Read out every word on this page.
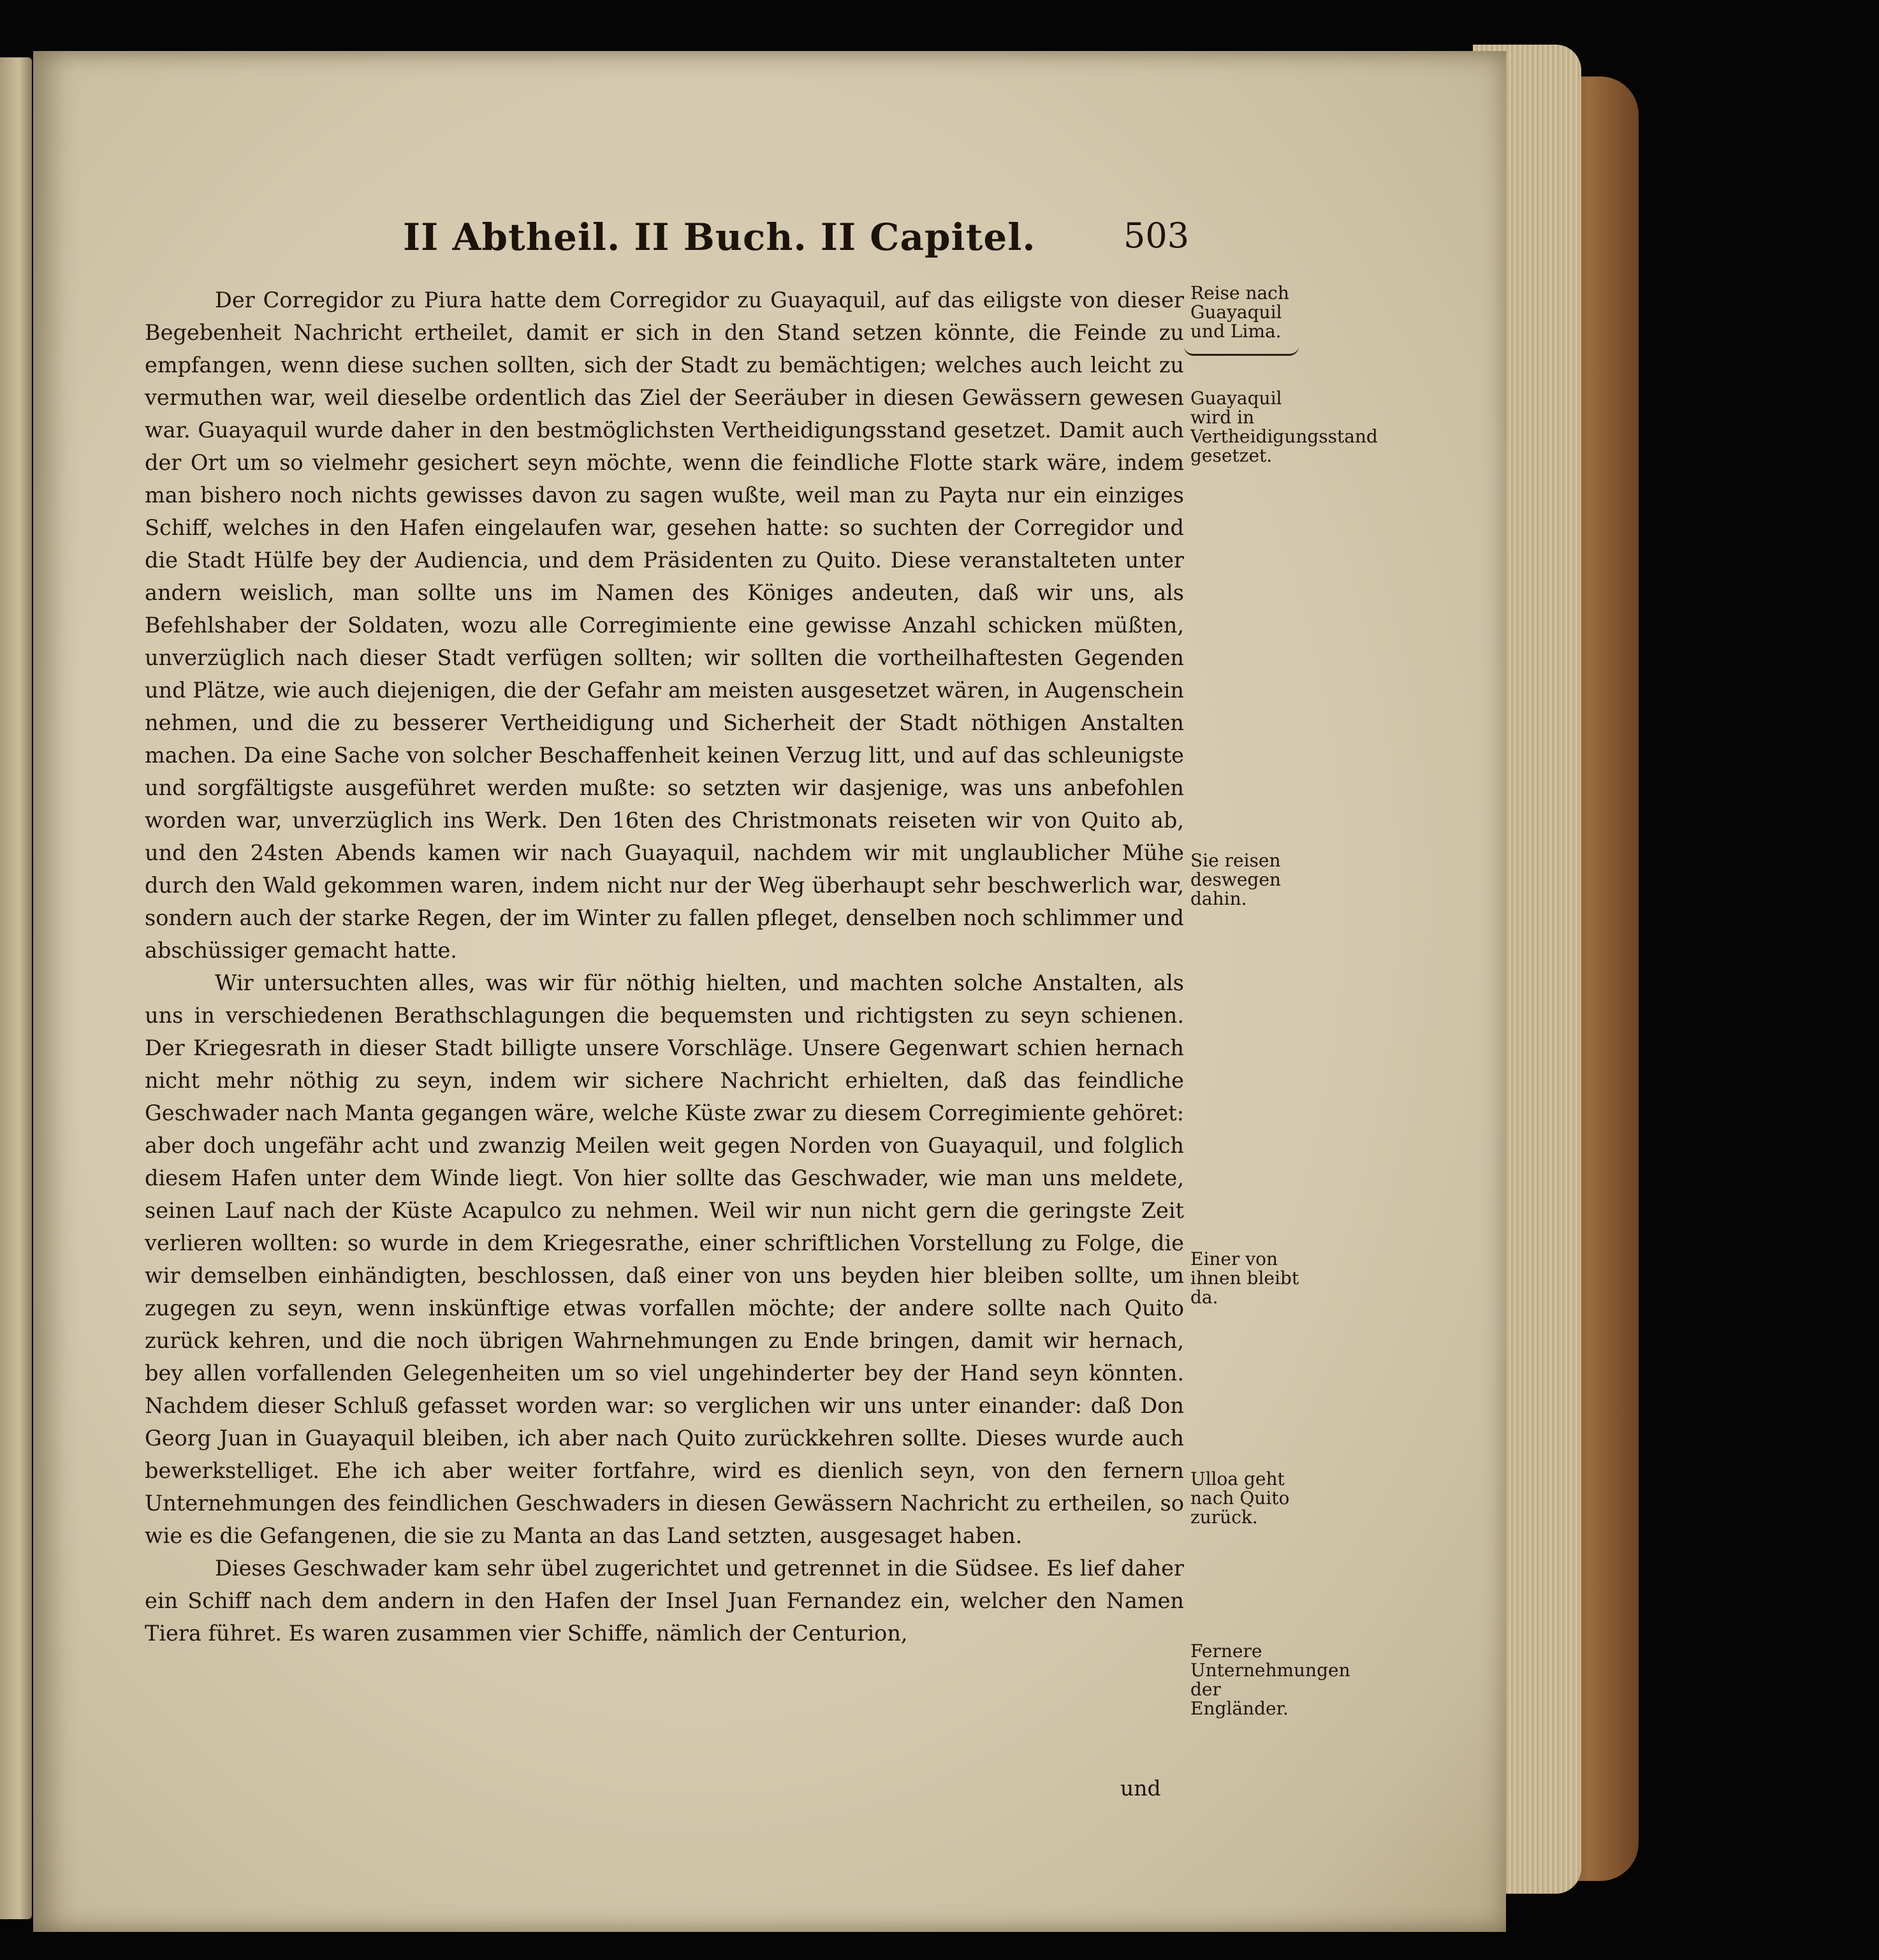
II Abtheil. II Buch. II Capitel.	503

Der Corregidor zu Piura hatte dem Corregidor zu Guayaquil, auf das eiligste von dieser Begebenheit Nachricht ertheilet, damit er sich in den Stand setzen könnte, die Feinde zu empfangen, wenn diese suchen sollten, sich der Stadt zu bemächtigen; welches auch leicht zu vermuthen war, weil dieselbe ordentlich das Ziel der Seeräuber in diesen Gewässern gewesen war. Guayaquil wurde daher in den bestmöglichsten Vertheidigungsstand gesetzet. Damit auch der Ort um so vielmehr gesichert seyn möchte, wenn die feindliche Flotte stark wäre, indem man bishero noch nichts gewisses davon zu sagen wußte, weil man zu Payta nur ein einziges Schiff, welches in den Hafen eingelaufen war, gesehen hatte: so suchten der Corregidor und die Stadt Hülfe bey der Audiencia, und dem Präsidenten zu Quito. Diese veranstalteten unter andern weislich, man sollte uns im Namen des Königes andeuten, daß wir uns, als Befehlshaber der Soldaten, wozu alle Corregimiente eine gewisse Anzahl schicken müßten, unverzüglich nach dieser Stadt verfügen sollten; wir sollten die vortheilhaftesten Gegenden und Plätze, wie auch diejenigen, die der Gefahr am meisten ausgesetzet wären, in Augenschein nehmen, und die zu besserer Vertheidigung und Sicherheit der Stadt nöthigen Anstalten machen. Da eine Sache von solcher Beschaffenheit keinen Verzug litt, und auf das schleunigste und sorgfältigste ausgeführet werden mußte: so setzten wir dasjenige, was uns anbefohlen worden war, unverzüglich ins Werk. Den 16ten des Christmonats reiseten wir von Quito ab, und den 24sten Abends kamen wir nach Guayaquil, nachdem wir mit unglaublicher Mühe durch den Wald gekommen waren, indem nicht nur der Weg überhaupt sehr beschwerlich war, sondern auch der starke Regen, der im Winter zu fallen pfleget, denselben noch schlimmer und abschüssiger gemacht hatte.

Wir untersuchten alles, was wir für nöthig hielten, und machten solche Anstalten, als uns in verschiedenen Berathschlagungen die bequemsten und richtigsten zu seyn schienen. Der Kriegesrath in dieser Stadt billigte unsere Vorschläge. Unsere Gegenwart schien hernach nicht mehr nöthig zu seyn, indem wir sichere Nachricht erhielten, daß das feindliche Geschwader nach Manta gegangen wäre, welche Küste zwar zu diesem Corregimiente gehöret: aber doch ungefähr acht und zwanzig Meilen weit gegen Norden von Guayaquil, und folglich diesem Hafen unter dem Winde liegt. Von hier sollte das Geschwader, wie man uns meldete, seinen Lauf nach der Küste Acapulco zu nehmen. Weil wir nun nicht gern die geringste Zeit verlieren wollten: so wurde in dem Kriegesrathe, einer schriftlichen Vorstellung zu Folge, die wir demselben einhändigten, beschlossen, daß einer von uns beyden hier bleiben sollte, um zugegen zu seyn, wenn inskünftige etwas vorfallen möchte; der andere sollte nach Quito zurück kehren, und die noch übrigen Wahrnehmungen zu Ende bringen, damit wir hernach, bey allen vorfallenden Gelegenheiten um so viel ungehinderter bey der Hand seyn könnten. Nachdem dieser Schluß gefasset worden war: so verglichen wir uns unter einander: daß Don Georg Juan in Guayaquil bleiben, ich aber nach Quito zurückkehren sollte. Dieses wurde auch bewerkstelliget. Ehe ich aber weiter fortfahre, wird es dienlich seyn, von den fernern Unternehmungen des feindlichen Geschwaders in diesen Gewässern Nachricht zu ertheilen, so wie es die Gefangenen, die sie zu Manta an das Land setzten, ausgesaget haben.

Dieses Geschwader kam sehr übel zugerichtet und getrennet in die Südsee. Es lief daher ein Schiff nach dem andern in den Hafen der Insel Juan Fernandez ein, welcher den Namen Tiera führet. Es waren zusammen vier Schiffe, nämlich der Centurion,

Reise nach Guayaquil und Lima.
Guayaquil wird in Vertheidigungsstand gesetzet.
Sie reisen deswegen dahin.
Einer von ihnen bleibt da.
Ulloa geht nach Quito zurück.
Fernere Unternehmungen der Engländer.
und
